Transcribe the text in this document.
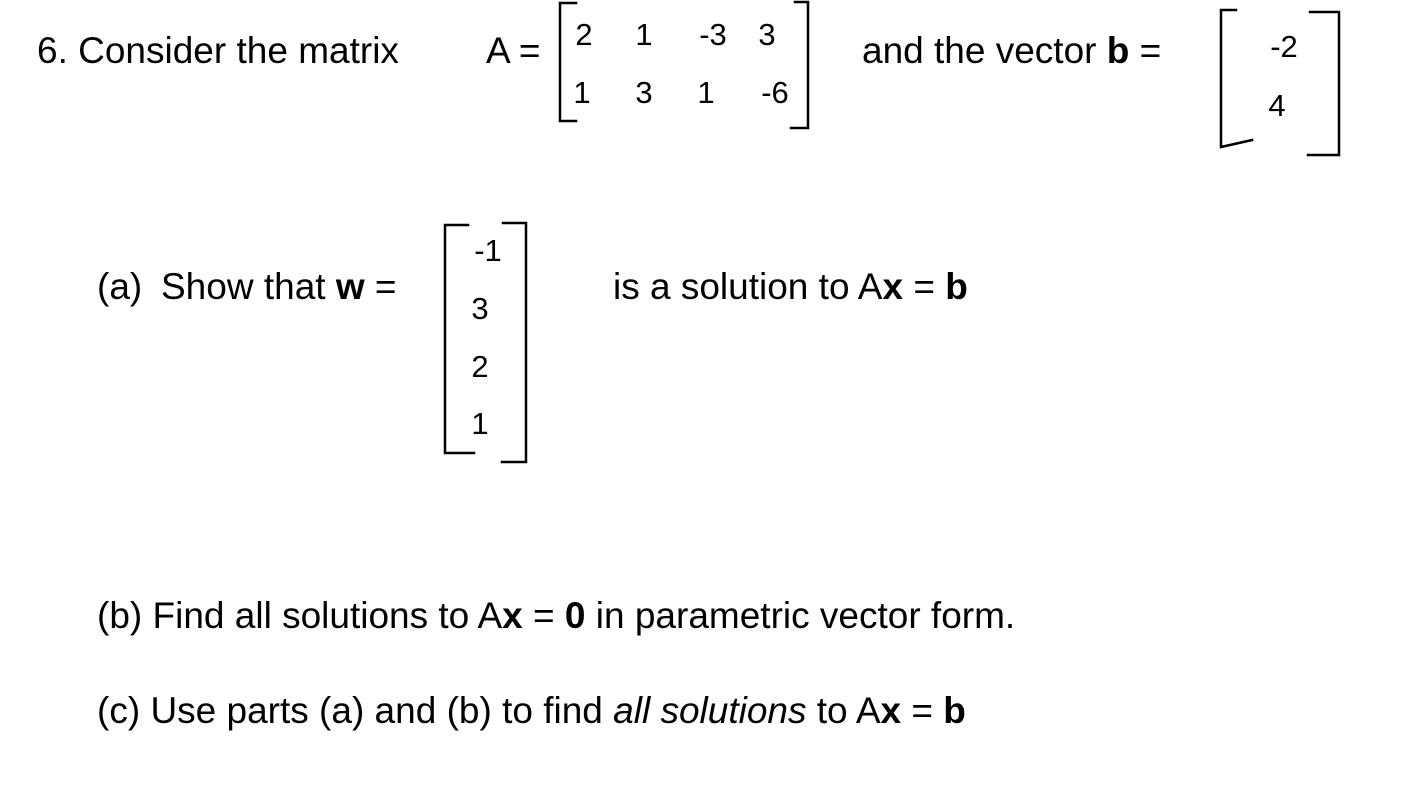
6. Consider the matrix A = 2 1 -3 3
1 3 1 -6
and the vector b =	-2
4
(a) Show that w =
-1
3
2
1
is a solution to Ax = b
(b) Find all solutions to Ax = 0 in parametric vector form.
(c) Use parts (a) and (b) to find all solutions to Ax = b
